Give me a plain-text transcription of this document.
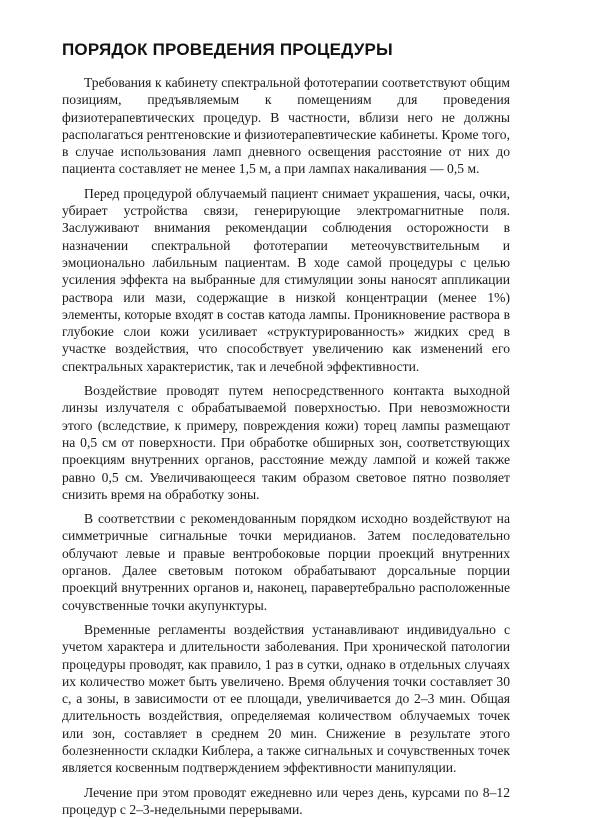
ПОРЯДОК ПРОВЕДЕНИЯ ПРОЦЕДУРЫ

Требования к кабинету спектральной фототерапии соответствуют общим позициям, предъявляемым к помещениям для проведения физиотерапевтических процедур. В частности, вблизи него не должны располагаться рентгеновские и физиотерапевтические кабинеты. Кроме того, в случае использования ламп дневного освещения расстояние от них до пациента составляет не менее 1,5 м, а при лампах накаливания — 0,5 м.

Перед процедурой облучаемый пациент снимает украшения, часы, очки, убирает устройства связи, генерирующие электромагнитные поля. Заслуживают внимания рекомендации соблюдения осторожности в назначении спектральной фототерапии метеочувствительным и эмоционально лабильным пациентам. В ходе самой процедуры с целью усиления эффекта на выбранные для стимуляции зоны наносят аппликации раствора или мази, содержащие в низкой концентрации (менее 1%) элементы, которые входят в состав катода лампы. Проникновение раствора в глубокие слои кожи усиливает «структурированность» жидких сред в участке воздействия, что способствует увеличению как изменений его спектральных характеристик, так и лечебной эффективности.

Воздействие проводят путем непосредственного контакта выходной линзы излучателя с обрабатываемой поверхностью. При невозможности этого (вследствие, к примеру, повреждения кожи) торец лампы размещают на 0,5 см от поверхности. При обработке обширных зон, соответствующих проекциям внутренних органов, расстояние между лампой и кожей также равно 0,5 см. Увеличивающееся таким образом световое пятно позволяет снизить время на обработку зоны.

В соответствии с рекомендованным порядком исходно воздействуют на симметричные сигнальные точки меридианов. Затем последовательно облучают левые и правые вентробоковые порции проекций внутренних органов. Далее световым потоком обрабатывают дорсальные порции проекций внутренних органов и, наконец, паравертебрально расположенные сочувственные точки акупунктуры.

Временные регламенты воздействия устанавливают индивидуально с учетом характера и длительности заболевания. При хронической патологии процедуры проводят, как правило, 1 раз в сутки, однако в отдельных случаях их количество может быть увеличено. Время облучения точки составляет 30 с, а зоны, в зависимости от ее площади, увеличивается до 2–3 мин. Общая длительность воздействия, определяемая количеством облучаемых точек или зон, составляет в среднем 20 мин. Снижение в результате этого болезненности складки Киблера, а также сигнальных и сочувственных точек является косвенным подтверждением эффективности манипуляции.

Лечение при этом проводят ежедневно или через день, курсами по 8–12 процедур с 2–3-недельными перерывами.
